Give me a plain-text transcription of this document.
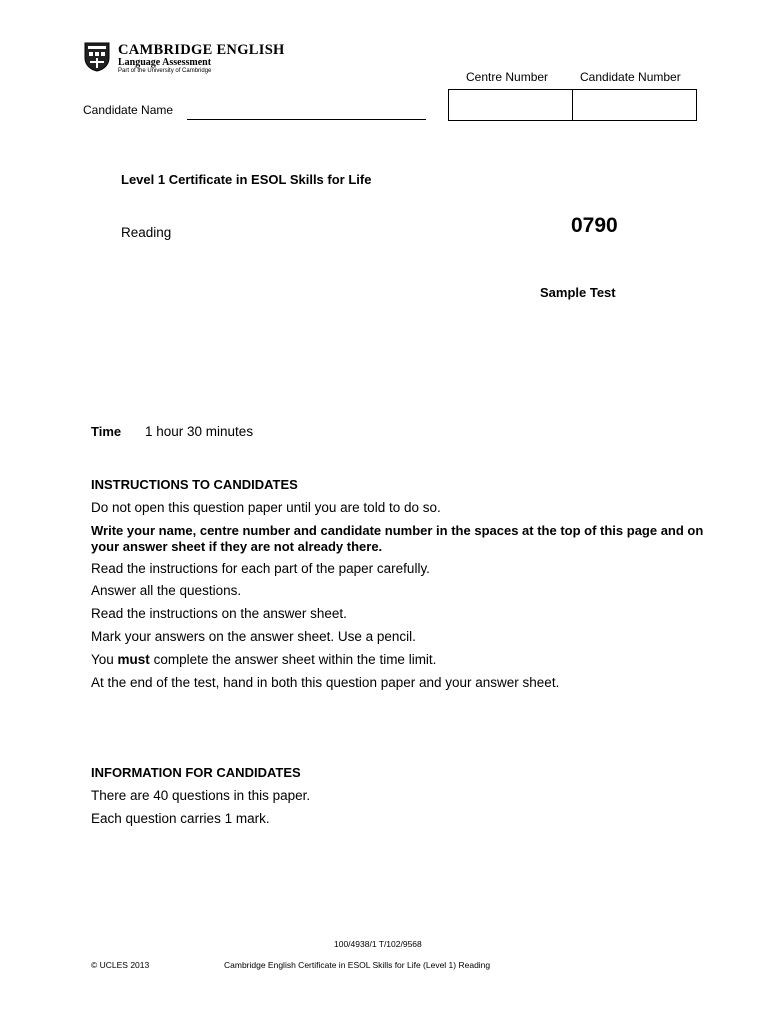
CAMBRIDGE ENGLISH
Language Assessment
Part of the University of Cambridge	Centre Number	Candidate Number
Candidate Name
Level 1 Certificate in ESOL Skills for Life
Reading	0790
Sample Test
Time 1 hour 30 minutes
INSTRUCTIONS TO CANDIDATES
Do not open this question paper until you are told to do so.
Write your name, centre number and candidate number in the spaces at the top of this page and on your answer sheet if they are not already there.
Read the instructions for each part of the paper carefully.
Answer all the questions.
Read the instructions on the answer sheet.
Mark your answers on the answer sheet. Use a pencil.
You must complete the answer sheet within the time limit.
At the end of the test, hand in both this question paper and your answer sheet.
INFORMATION FOR CANDIDATES
There are 40 questions in this paper.
Each question carries 1 mark.
100/4938/1 T/102/9568
© UCLES 2013	Cambridge English Certificate in ESOL Skills for Life (Level 1) Reading
